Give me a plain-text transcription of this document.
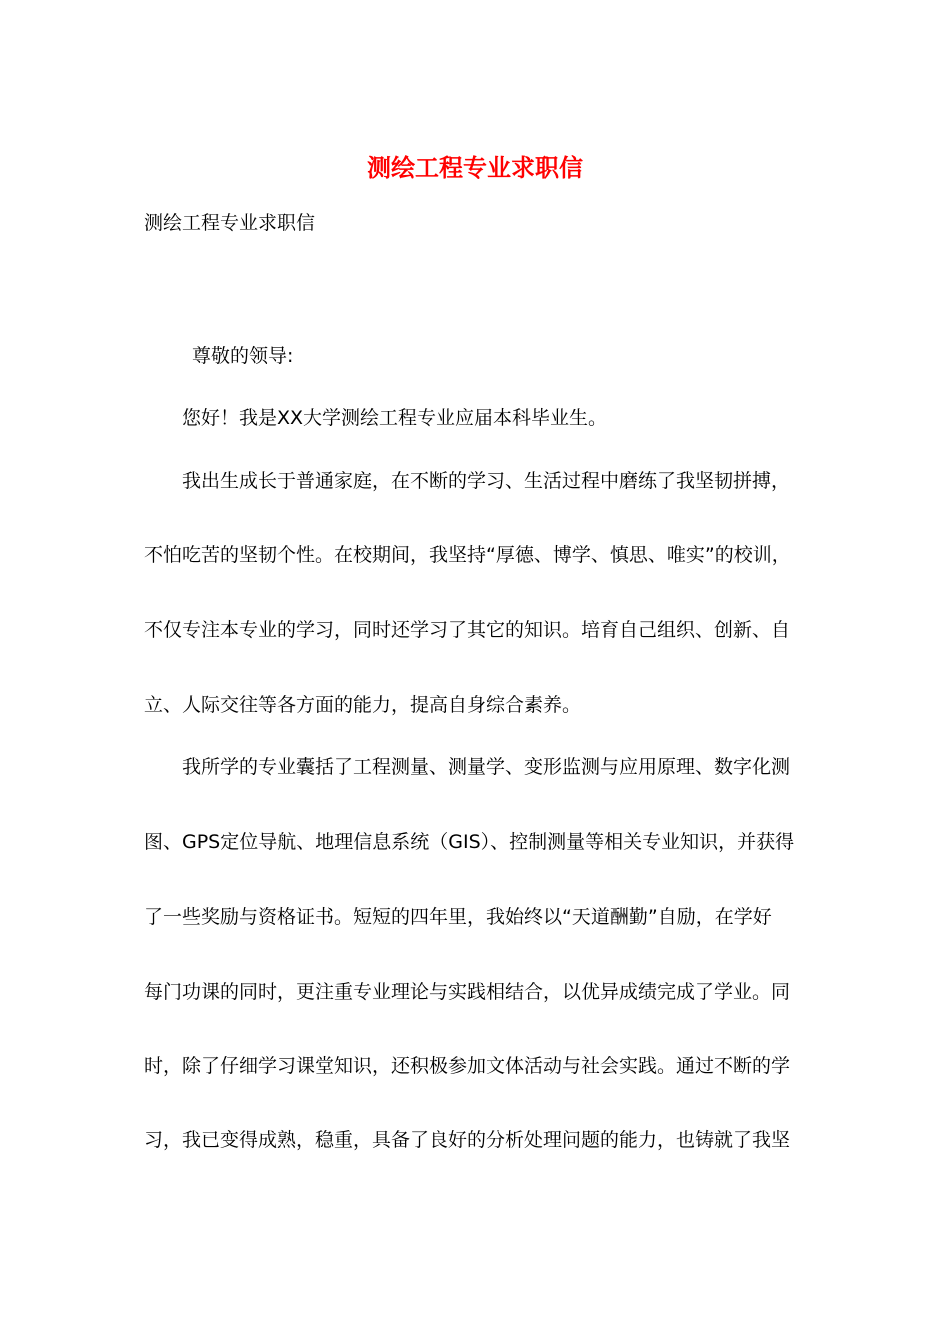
测绘工程专业求职信

测绘工程专业求职信

尊敬的领导:

您好！我是XX大学测绘工程专业应届本科毕业生。

我出生成长于普通家庭，在不断的学习、生活过程中磨练了我坚韧拼搏，

不怕吃苦的坚韧个性。在校期间，我坚持“厚德、博学、慎思、唯实”的校训，

不仅专注本专业的学习，同时还学习了其它的知识。培育自己组织、创新、自

立、人际交往等各方面的能力，提高自身综合素养。

我所学的专业囊括了工程测量、测量学、变形监测与应用原理、数字化测

图、GPS定位导航、地理信息系统（GIS）、控制测量等相关专业知识，并获得

了一些奖励与资格证书。短短的四年里，我始终以“天道酬勤”自励，在学好

每门功课的同时，更注重专业理论与实践相结合，以优异成绩完成了学业。同

时，除了仔细学习课堂知识，还积极参加文体活动与社会实践。通过不断的学

习，我已变得成熟，稳重，具备了良好的分析处理问题的能力，也铸就了我坚
